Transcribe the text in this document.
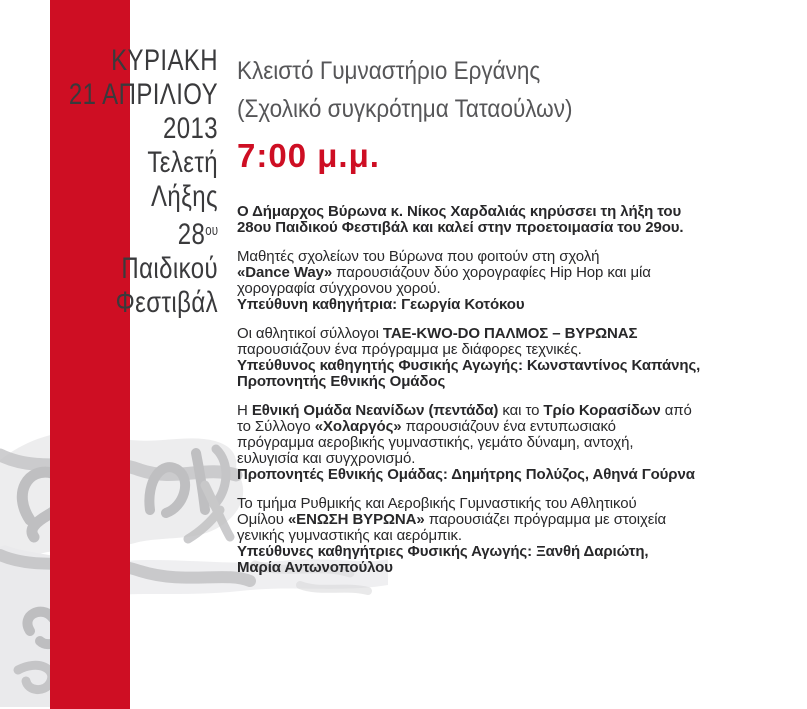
ΚΥΡΙΑΚΗ
21 ΑΠΡΙΛΙΟΥ
2013
Τελετή
Λήξης
$28^{o\upsilon}$
Παιδικού
Φεστιβάλ
Κλειστό Γυμναστήριο Εργάνης
(Σχολικό συγκρότημα Ταταούλων)
7:00 μ.μ.

Ο Δήμαρχος Βύρωνα κ. Νίκος Χαρδαλιάς κηρύσσει τη λήξη του
28ου Παιδικού Φεστιβάλ και καλεί στην προετοιμασία του 29ου.

Μαθητές σχολείων του Βύρωνα που φοιτούν στη σχολή
«Dance Way» παρουσιάζουν δύο χορογραφίες Hip Hop και μία
χορογραφία σύγχρονου χορού.
Υπεύθυνη καθηγήτρια: Γεωργία Κοτόκου

Οι αθλητικοί σύλλογοι TAE-KWO-DO ΠΑΛΜΟΣ – ΒΥΡΩΝΑΣ
παρουσιάζουν ένα πρόγραμμα με διάφορες τεχνικές.
Υπεύθυνος καθηγητής Φυσικής Αγωγής: Κωνσταντίνος Καπάνης,
Προπονητής Εθνικής Ομάδος

Η Εθνική Ομάδα Νεανίδων (πεντάδα) και το Τρίο Κορασίδων από
το Σύλλογο «Χολαργός» παρουσιάζουν ένα εντυπωσιακό
πρόγραμμα αεροβικής γυμναστικής, γεμάτο δύναμη, αντοχή,
ευλυγισία και συγχρονισμό.
Προπονητές Εθνικής Ομάδας: Δημήτρης Πολύζος, Αθηνά Γούρνα

Το τμήμα Ρυθμικής και Αεροβικής Γυμναστικής του Αθλητικού
Ομίλου «ΕΝΩΣΗ ΒΥΡΩΝΑ» παρουσιάζει πρόγραμμα με στοιχεία
γενικής γυμναστικής και αερόμπικ.
Υπεύθυνες καθηγήτριες Φυσικής Αγωγής: Ξανθή Δαριώτη,
Μαρία Αντωνοπούλου
